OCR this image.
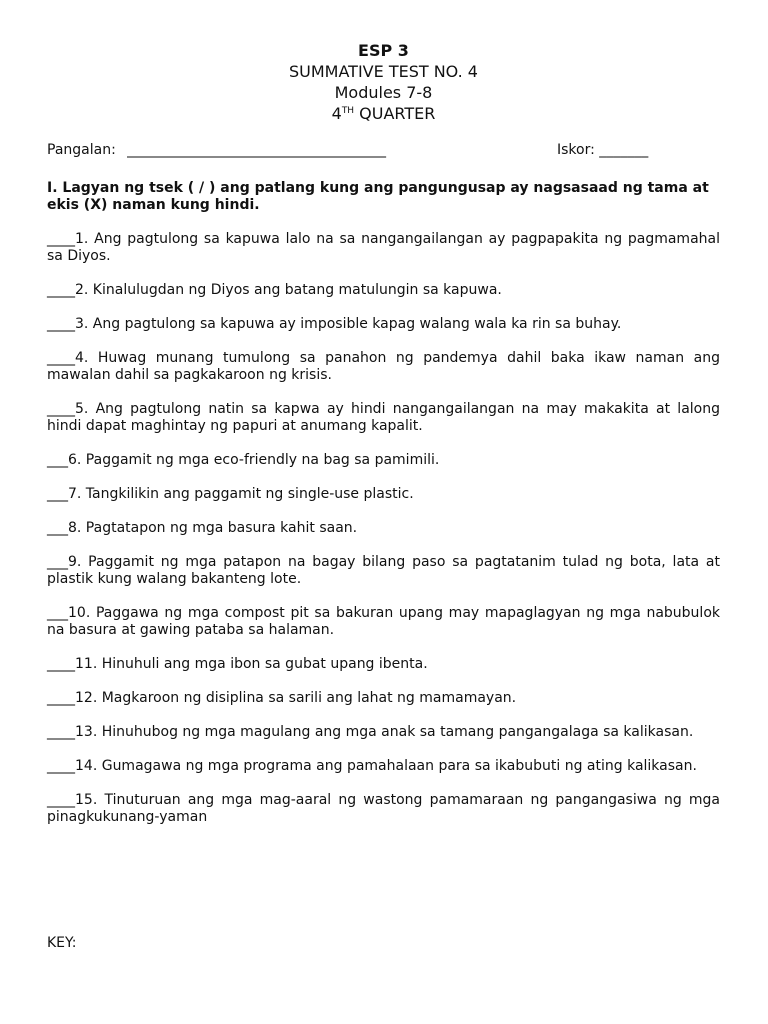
ESP 3
SUMMATIVE TEST NO. 4
Modules 7-8
4TH QUARTER
Pangalan: _____________________________________	Iskor: _______
I. Lagyan ng tsek ( / ) ang patlang kung ang pangungusap ay nagsasaad ng tama at ekis (X) naman kung hindi.
____1. Ang pagtulong sa kapuwa lalo na sa nangangailangan ay pagpapakita ng pagmamahal sa Diyos.
____2. Kinalulugdan ng Diyos ang batang matulungin sa kapuwa.
____3. Ang pagtulong sa kapuwa ay imposible kapag walang wala ka rin sa buhay.
____4. Huwag munang tumulong sa panahon ng pandemya dahil baka ikaw naman ang mawalan dahil sa pagkakaroon ng krisis.
____5. Ang pagtulong natin sa kapwa ay hindi nangangailangan na may makakita at lalong hindi dapat maghintay ng papuri at anumang kapalit.
___6. Paggamit ng mga eco-friendly na bag sa pamimili.
___7. Tangkilikin ang paggamit ng single-use plastic.
___8. Pagtatapon ng mga basura kahit saan.
___9. Paggamit ng mga patapon na bagay bilang paso sa pagtatanim tulad ng bota, lata at plastik kung walang bakanteng lote.
___10. Paggawa ng mga compost pit sa bakuran upang may mapaglagyan ng mga nabubulok na basura at gawing pataba sa halaman.
____11. Hinuhuli ang mga ibon sa gubat upang ibenta.
____12. Magkaroon ng disiplina sa sarili ang lahat ng mamamayan.
____13. Hinuhubog ng mga magulang ang mga anak sa tamang pangangalaga sa kalikasan.
____14. Gumagawa ng mga programa ang pamahalaan para sa ikabubuti ng ating kalikasan.
____15. Tinuturuan ang mga mag-aaral ng wastong pamamaraan ng pangangasiwa ng mga pinagkukunang-yaman
KEY:
